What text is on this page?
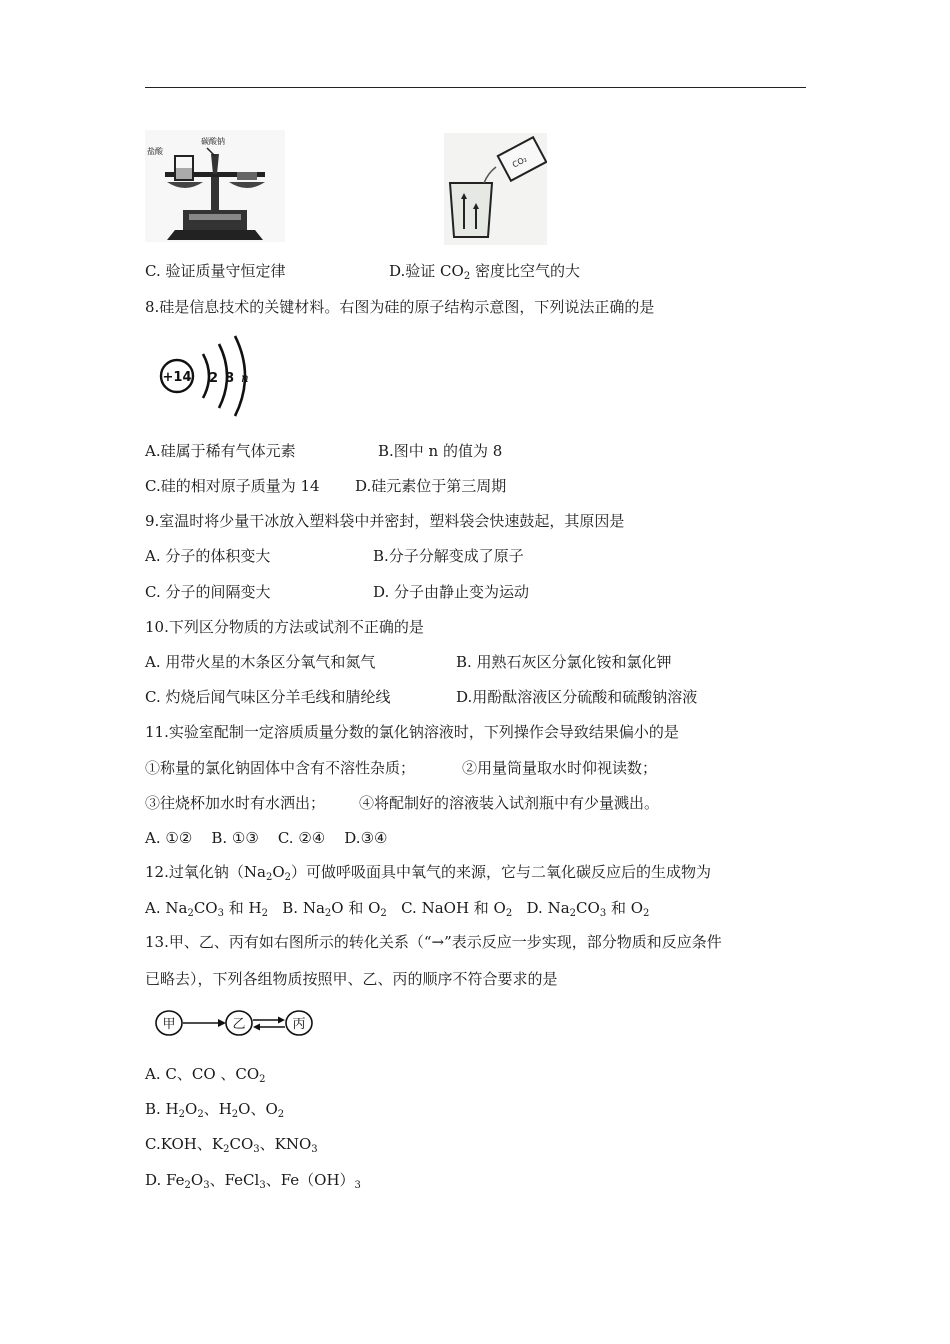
盐酸
碳酸钠
CO₂
C. 验证质量守恒定律	D.验证 $CO_2$ 密度比空气的大
8.硅是信息技术的关键材料。右图为硅的原子结构示意图，下列说法正确的是
+14 2 8 n
A.硅属于稀有气体元素	B.图中 n 的值为 8
C.硅的相对原子质量为 14 D.硅元素位于第三周期
9.室温时将少量干冰放入塑料袋中并密封，塑料袋会快速鼓起，其原因是
A. 分子的体积变大	B.分子分解变成了原子
C. 分子的间隔变大	D. 分子由静止变为运动
10.下列区分物质的方法或试剂不正确的是
A. 用带火星的木条区分氧气和氮气	B. 用熟石灰区分氯化铵和氯化钾
C. 灼烧后闻气味区分羊毛线和腈纶线	D.用酚酞溶液区分硫酸和硫酸钠溶液
11.实验室配制一定溶质质量分数的氯化钠溶液时，下列操作会导致结果偏小的是
①称量的氯化钠固体中含有不溶性杂质；	②用量筒量取水时仰视读数；
③往烧杯加水时有水洒出； ④将配制好的溶液装入试剂瓶中有少量溅出。
A. ①②    B. ①③    C. ②④    D.③④
12.过氧化钠$(Na_2O_2)$可做呼吸面具中氧气的来源，它与二氧化碳反应后的生成物为
A. $Na_2CO_3$ 和 $H_2$   B. $Na_2O$ 和 $O_2$   C. NaOH 和 $O_2$   D. $Na_2CO_3$ 和 $O_2$
13.甲、乙、丙有如右图所示的转化关系（“→”表示反应一步实现，部分物质和反应条件
已略去），下列各组物质按照甲、乙、丙的顺序不符合要求的是
甲	乙	丙
A. C、CO 、$CO_2$
B. $H_2O_2$、$H_2O$、$O_2$
C.KOH、$K_2CO_3$、$KNO_3$
D. $Fe_2O_3$、FeCl$_3$、$Fe(OH)_3$
